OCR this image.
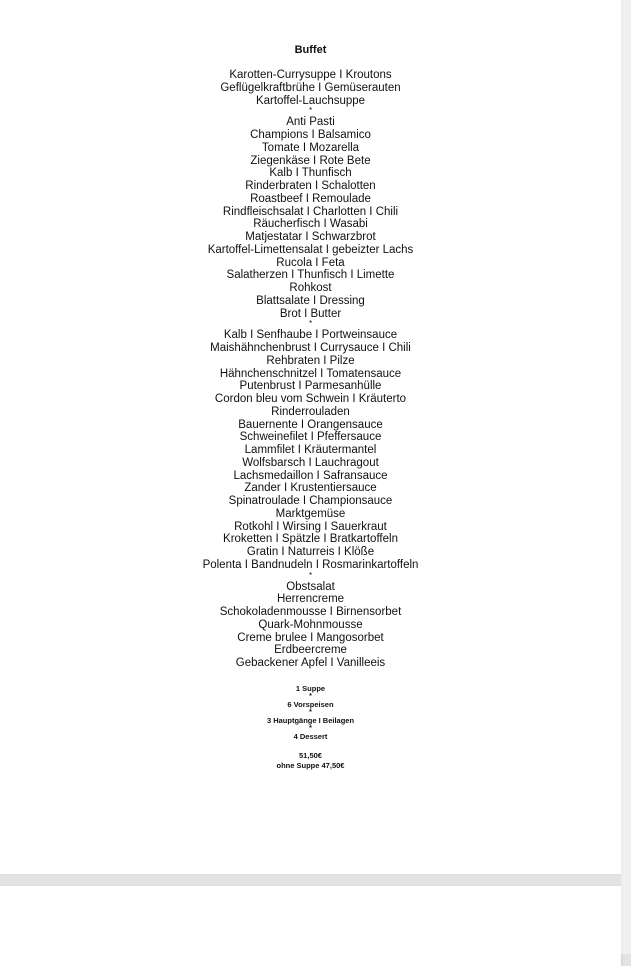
Buffet
Karotten-Currysuppe I Kroutons
Geflügelkraftbrühe I Gemüserauten
Kartoffel-Lauchsuppe
*
Anti Pasti
Champions I Balsamico
Tomate I Mozarella
Ziegenkäse I Rote Bete
Kalb I Thunfisch
Rinderbraten I Schalotten
Roastbeef I Remoulade
Rindfleischsalat I Charlotten I Chili
Räucherfisch I Wasabi
Matjestatar I Schwarzbrot
Kartoffel-Limettensalat I gebeizter Lachs
Rucola I Feta
Salatherzen I Thunfisch I Limette
Rohkost
Blattsalate I Dressing
Brot I Butter
*
Kalb I Senfhaube I Portweinsauce
Maishähnchenbrust I Currysauce I Chili
Rehbraten I Pilze
Hähnchenschnitzel I Tomatensauce
Putenbrust I Parmesanhülle
Cordon bleu vom Schwein I Kräuterto
Rinderrouladen
Bauernente I Orangensauce
Schweinefilet I Pfeffersauce
Lammfilet I Kräutermantel
Wolfsbarsch I Lauchragout
Lachsmedaillon I Safransauce
Zander I Krustentiersauce
Spinatroulade I Championsauce
Marktgemüse
Rotkohl I Wirsing I Sauerkraut
Kroketten I Spätzle I Bratkartoffeln
Gratin I Naturreis I Klöße
Polenta I Bandnudeln I Rosmarinkartoffeln
*
Obstsalat
Herrencreme
Schokoladenmousse I Birnensorbet
Quark-Mohnmousse
Creme brulee I Mangosorbet
Erdbeercreme
Gebackener Apfel I Vanilleeis
1 Suppe
*
6 Vorspeisen
*
3 Hauptgänge I Beilagen
*
4 Dessert
51,50€
ohne Suppe 47,50€
